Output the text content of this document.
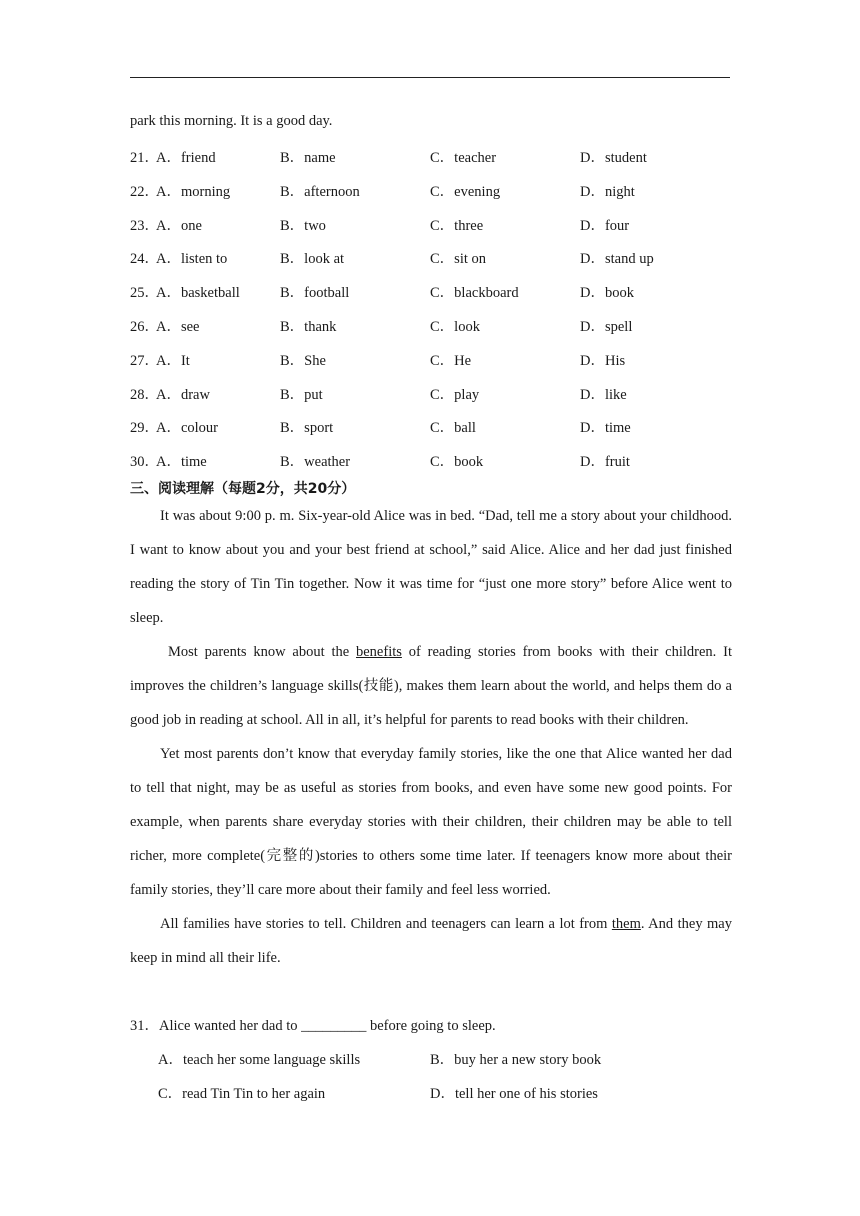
park this morning. It is a good day.
21．
A．friend	B．name	C．teacher	D．student
22．
A．morning	B．afternoon	C．evening	D．night
23．
A．one	B．two	C．three	D．four
24．
A．listen to	B．look at	C．sit on	D．stand up
25．
A．basketball	B．football	C．blackboard	D．book
26．
A．see	B．thank	C．look	D．spell
27．
A．It	B．She	C．He	D．His
28．
A．draw	B．put	C．play	D．like
29．
A．colour	B．sport	C．ball	D．time
30．
A．time	B．weather	C．book	D．fruit
三、阅读理解（每题2分，共20分）
It was about 9:00 p. m. Six-year-old Alice was in bed. “Dad, tell me a story about your childhood. I want to know about you and your best friend at school,” said Alice. Alice and her dad just finished reading the story of Tin Tin together. Now it was time for “just one more story” before Alice went to sleep.
Most parents know about the benefits of reading stories from books with their children. It improves the children’s language skills(技能), makes them learn about the world, and helps them do a good job in reading at school. All in all, it’s helpful for parents to read books with their children.
Yet most parents don’t know that everyday family stories, like the one that Alice wanted her dad to tell that night, may be as useful as stories from books, and even have some new good points. For example, when parents share everyday stories with their children, their children may be able to tell richer, more complete(完整的)stories to others some time later. If teenagers know more about their family stories, they’ll care more about their family and feel less worried.
All families have stories to tell. Children and teenagers can learn a lot from them. And they may keep in mind all their life.
31．Alice wanted her dad to _________ before going to sleep.
A．teach her some language skills	B．buy her a new story book
C．read Tin Tin to her again	D．tell her one of his stories
